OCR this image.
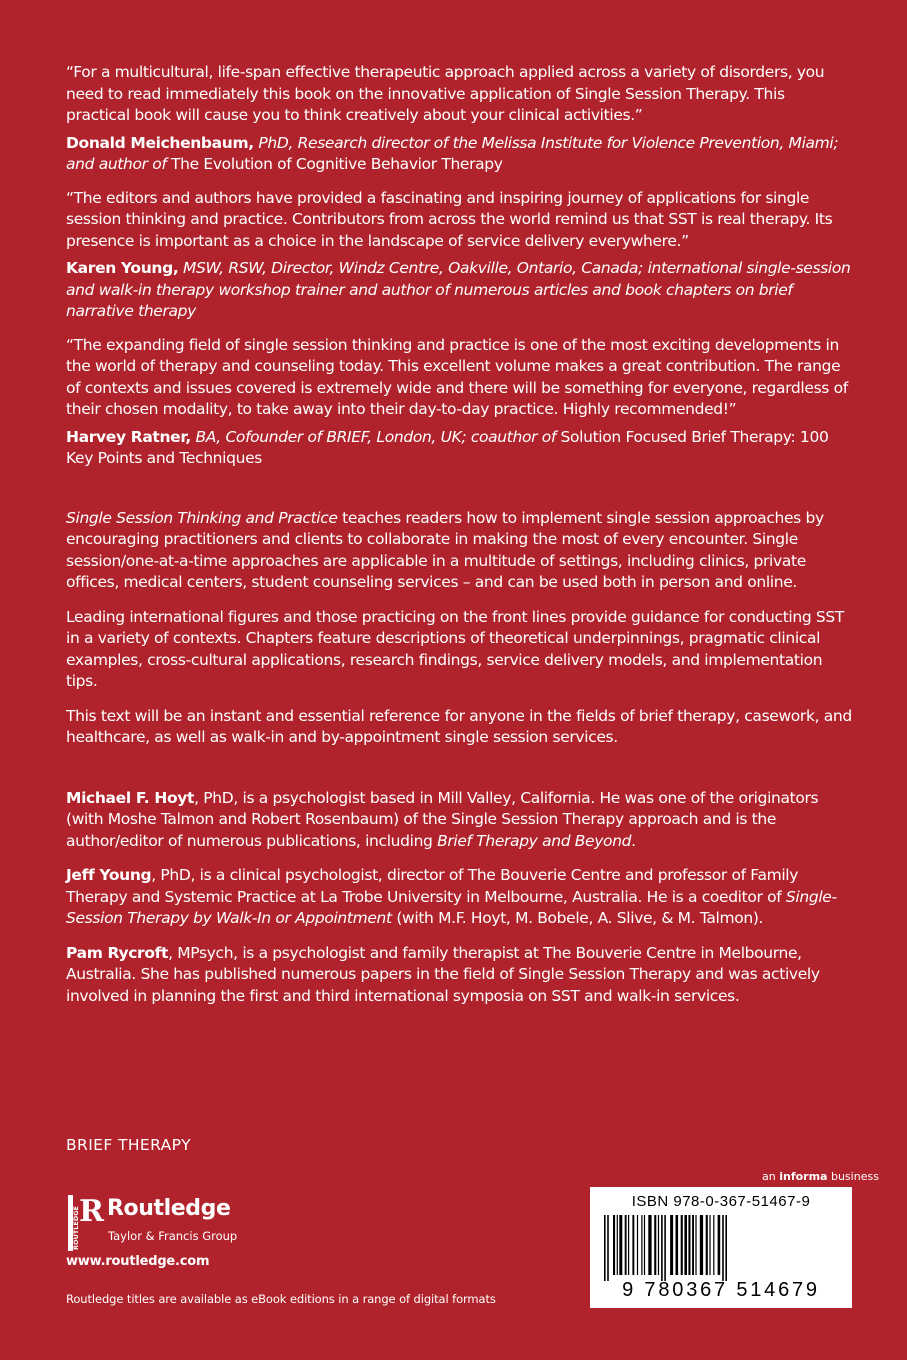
“For a multicultural, life-span effective therapeutic approach applied across a variety of disorders, you need to read immediately this book on the innovative application of Single Session Therapy. This practical book will cause you to think creatively about your clinical activities.”

Donald Meichenbaum, PhD, Research director of the Melissa Institute for Violence Prevention, Miami; and author of The Evolution of Cognitive Behavior Therapy

“The editors and authors have provided a fascinating and inspiring journey of applications for single session thinking and practice. Contributors from across the world remind us that SST is real therapy. Its presence is important as a choice in the landscape of service delivery everywhere.”

Karen Young, MSW, RSW, Director, Windz Centre, Oakville, Ontario, Canada; international single-session and walk-in therapy workshop trainer and author of numerous articles and book chapters on brief narrative therapy

“The expanding field of single session thinking and practice is one of the most exciting developments in the world of therapy and counseling today. This excellent volume makes a great contribution. The range of contexts and issues covered is extremely wide and there will be something for everyone, regardless of their chosen modality, to take away into their day-to-day practice. Highly recommended!”

Harvey Ratner, BA, Cofounder of BRIEF, London, UK; coauthor of Solution Focused Brief Therapy: 100 Key Points and Techniques

Single Session Thinking and Practice teaches readers how to implement single session approaches by encouraging practitioners and clients to collaborate in making the most of every encounter. Single session/one-at-a-time approaches are applicable in a multitude of settings, including clinics, private offices, medical centers, student counseling services – and can be used both in person and online.

Leading international figures and those practicing on the front lines provide guidance for conducting SST in a variety of contexts. Chapters feature descriptions of theoretical underpinnings, pragmatic clinical examples, cross-cultural applications, research findings, service delivery models, and implementation tips.

This text will be an instant and essential reference for anyone in the fields of brief therapy, casework, and healthcare, as well as walk-in and by-appointment single session services.

Michael F. Hoyt, PhD, is a psychologist based in Mill Valley, California. He was one of the originators (with Moshe Talmon and Robert Rosenbaum) of the Single Session Therapy approach and is the author/editor of numerous publications, including Brief Therapy and Beyond.

Jeff Young, PhD, is a clinical psychologist, director of The Bouverie Centre and professor of Family Therapy and Systemic Practice at La Trobe University in Melbourne, Australia. He is a coeditor of Single-Session Therapy by Walk-In or Appointment (with M.F. Hoyt, M. Bobele, A. Slive, & M. Talmon).

Pam Rycroft, MPsych, is a psychologist and family therapist at The Bouverie Centre in Melbourne, Australia. She has published numerous papers in the field of Single Session Therapy and was actively involved in planning the first and third international symposia on SST and walk-in services.

BRIEF THERAPY
R
ROUTLEDGE Routledge
Taylor & Francis Group
www.routledge.com
Routledge titles are available as eBook editions in a range of digital formats
an informa business
ISBN 978-0-367-51467-9
9 780367 514679
